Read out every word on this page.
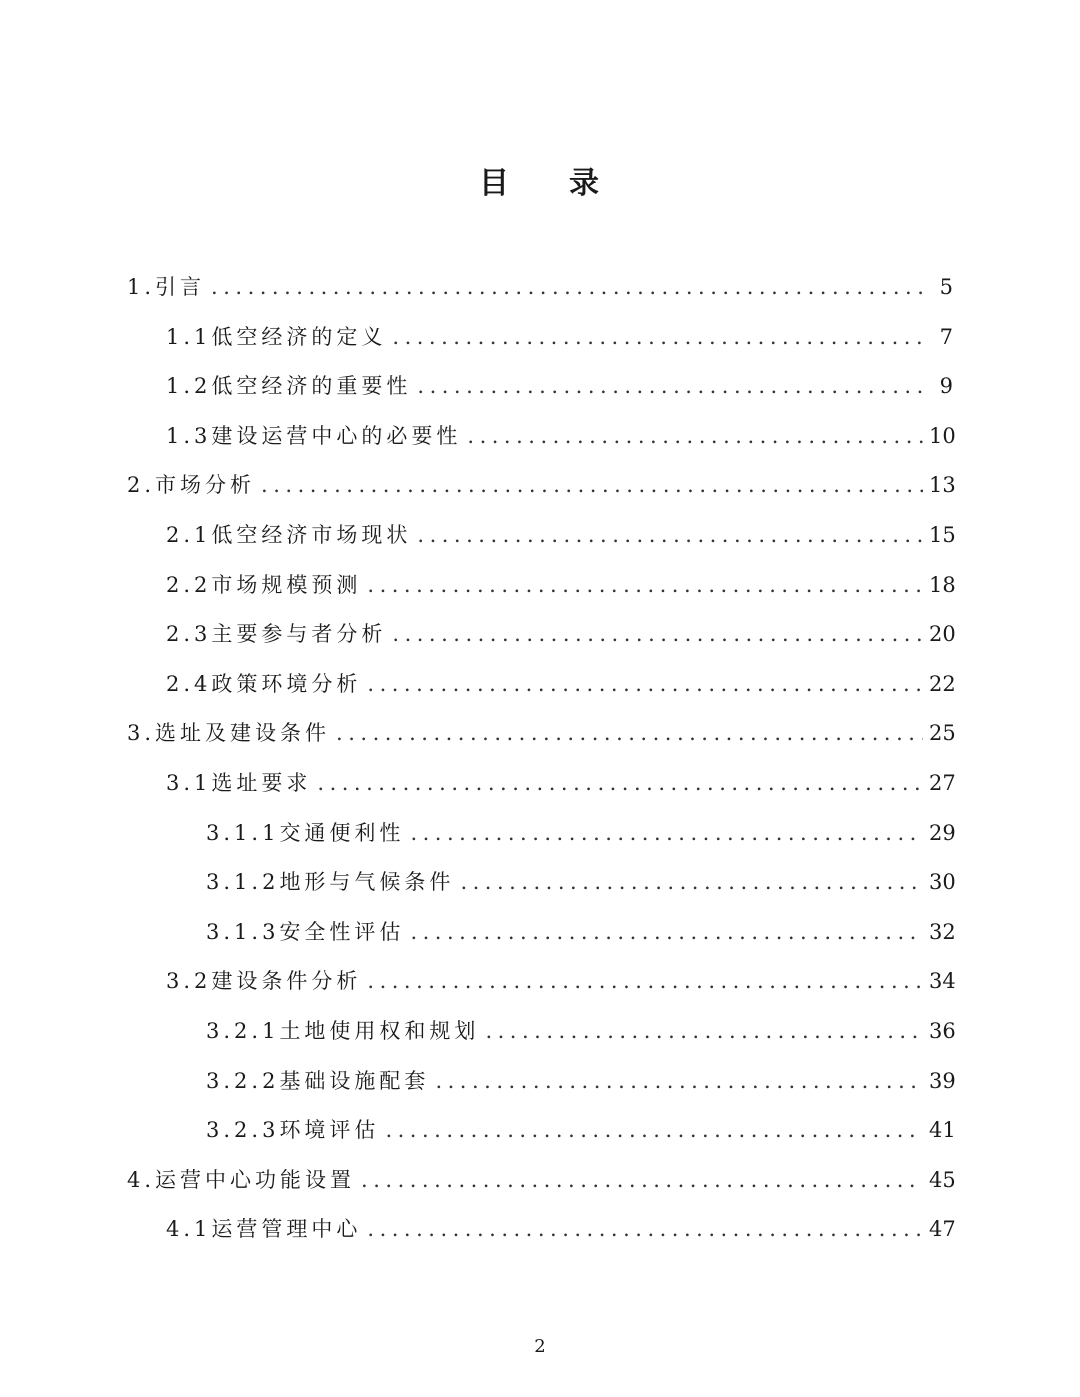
目 录
1. 引言 .....	5
1.1 低空经济的定义 .....	7
1.2 低空经济的重要性 .....	9
1.3 建设运营中心的必要性 .....	10
2. 市场分析 .....	13
2.1 低空经济市场现状 .....	15
2.2 市场规模预测 .....	18
2.3 主要参与者分析 .....	20
2.4 政策环境分析 .....	22
3. 选址及建设条件 .....	25
3.1 选址要求 .....	27
3.1.1 交通便利性 .....	29
3.1.2 地形与气候条件 .....	30
3.1.3 安全性评估 .....	32
3.2 建设条件分析 .....	34
3.2.1 土地使用权和规划 .....	36
3.2.2 基础设施配套 .....	39
3.2.3 环境评估 .....	41
4. 运营中心功能设置 .....	45
4.1 运营管理中心 .....	47
2
